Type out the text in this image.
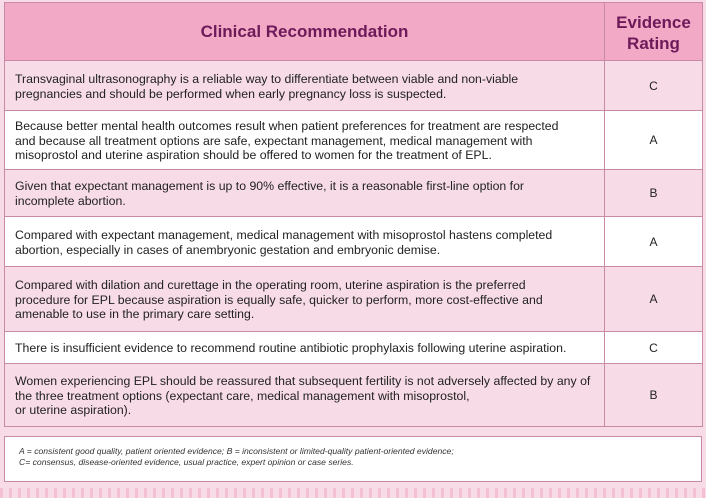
Clinical Recommendation	Evidence
Rating
Transvaginal ultrasonography is a reliable way to differentiate between viable and non-viable
pregnancies and should be performed when early pregnancy loss is suspected.	C
Because better mental health outcomes result when patient preferences for treatment are respected
and because all treatment options are safe, expectant management, medical management with
misoprostol and uterine aspiration should be offered to women for the treatment of EPL.	A
Given that expectant management is up to 90% effective, it is a reasonable first-line option for
incomplete abortion.	B
Compared with expectant management, medical management with misoprostol hastens completed
abortion, especially in cases of anembryonic gestation and embryonic demise.	A
Compared with dilation and curettage in the operating room, uterine aspiration is the preferred
procedure for EPL because aspiration is equally safe, quicker to perform, more cost-effective and
amenable to use in the primary care setting.	A
There is insufficient evidence to recommend routine antibiotic prophylaxis following uterine aspiration.	C
Women experiencing EPL should be reassured that subsequent fertility is not adversely affected by any of
the three treatment options (expectant care, medical management with misoprostol,
or uterine aspiration).	B
A = consistent good quality, patient oriented evidence; B = inconsistent or limited-quality patient-oriented evidence;
C= consensus, disease-oriented evidence, usual practice, expert opinion or case series.
